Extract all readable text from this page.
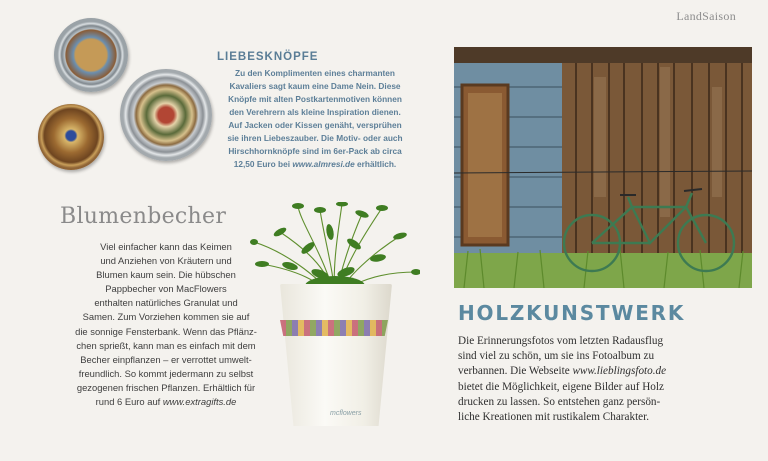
LandSaison
LIEBESKNÖPFE
Zu den Komplimenten eines charmanten
Kavaliers sagt kaum eine Dame Nein. Diese
Knöpfe mit alten Postkartenmotiven können
den Verehrern als kleine Inspiration dienen.
Auf Jacken oder Kissen genäht, versprühen
sie ihren Liebeszauber. Die Motiv- oder auch
Hirschhornknöpfe sind im 6er-Pack ab circa
12,50 Euro bei www.almresi.de erhältlich.
Blumenbecher
Viel einfacher kann das Keimen
und Anziehen von Kräutern und
Blumen kaum sein. Die hübschen
Pappbecher von MacFlowers
enthalten natürliches Granulat und
Samen. Zum Vorziehen kommen sie auf
die sonnige Fensterbank. Wenn das Pflänz-
chen sprießt, kann man es einfach mit dem
Becher einpflanzen – er verrottet umwelt-
freundlich. So kommt jedermann zu selbst
gezogenen frischen Pflanzen. Erhältlich für
rund 6 Euro auf www.extragifts.de
mcflowers
HOLZKUNSTWERK
Die Erinnerungsfotos vom letzten Radausflug
sind viel zu schön, um sie ins Fotoalbum zu
verbannen. Die Webseite www.lieblingsfoto.de
bietet die Möglichkeit, eigene Bilder auf Holz
drucken zu lassen. So entstehen ganz persön-
liche Kreationen mit rustikalem Charakter.
